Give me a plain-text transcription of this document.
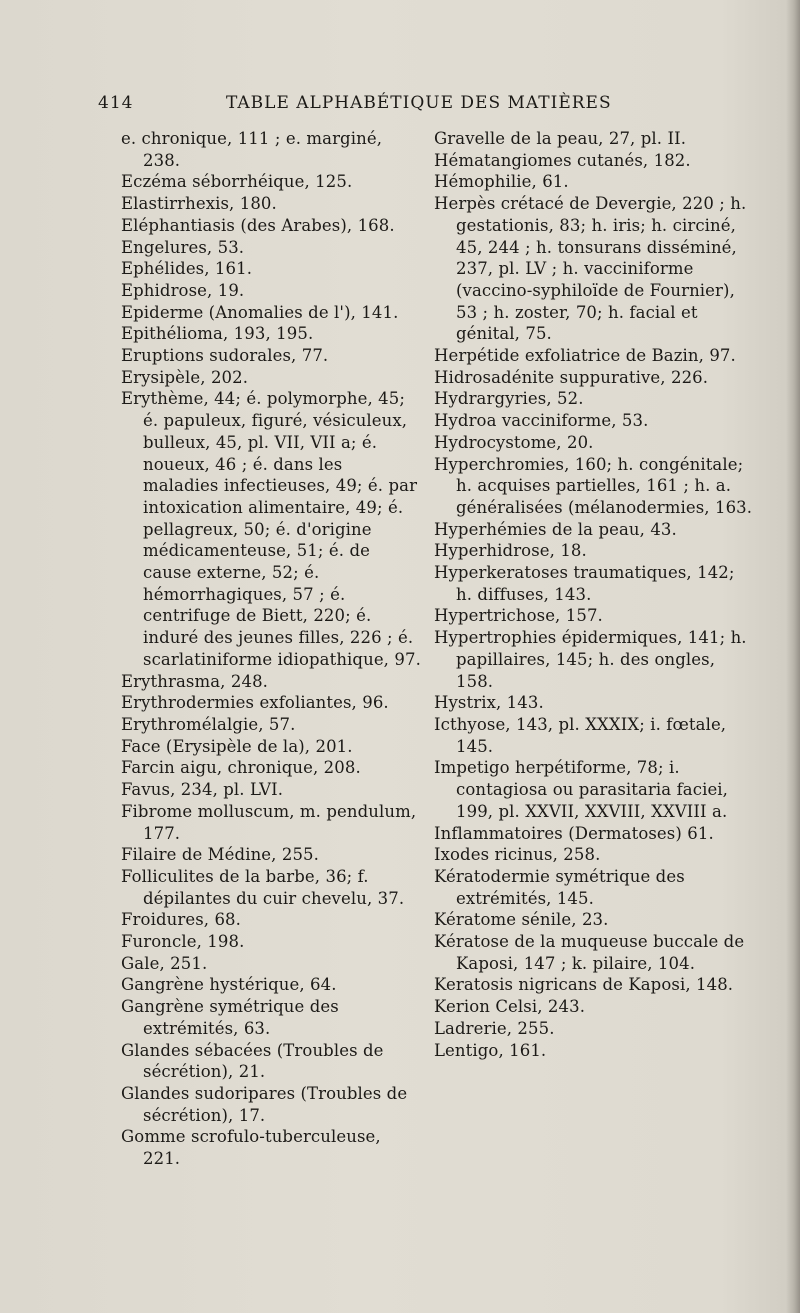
414	TABLE ALPHABÉTIQUE DES MATIÈRES
e. chronique, 111 ; e. marginé, 238.
Eczéma séborrhéique, 125.
Elastirrhexis, 180.
Eléphantiasis (des Arabes), 168.
Engelures, 53.
Ephélides, 161.
Ephidrose, 19.
Epiderme (Anomalies de l'), 141.
Epithélioma, 193, 195.
Eruptions sudorales, 77.
Erysipèle, 202.
Erythème, 44; é. polymorphe, 45; é. papuleux, figuré, vésiculeux, bulleux, 45, pl. VII, VII a; é. noueux, 46 ; é. dans les maladies infectieuses, 49; é. par intoxication alimentaire, 49; é. pellagreux, 50; é. d'origine médicamenteuse, 51; é. de cause externe, 52; é. hémorrhagiques, 57 ; é. centrifuge de Biett, 220; é. induré des jeunes filles, 226 ; é. scarlatiniforme idiopathique, 97.
Erythrasma, 248.
Erythrodermies exfoliantes, 96.
Erythromélalgie, 57.
Face (Erysipèle de la), 201.
Farcin aigu, chronique, 208.
Favus, 234, pl. LVI.
Fibrome molluscum, m. pendulum, 177.
Filaire de Médine, 255.
Folliculites de la barbe, 36; f. dépilantes du cuir chevelu, 37.
Froidures, 68.
Furoncle, 198.
Gale, 251.
Gangrène hystérique, 64.
Gangrène symétrique des extrémités, 63.
Glandes sébacées (Troubles de sécrétion), 21.
Glandes sudoripares (Troubles de sécrétion), 17.
Gomme scrofulo-tuberculeuse, 221.
Gravelle de la peau, 27, pl. II.
Hématangiomes cutanés, 182.
Hémophilie, 61.
Herpès crétacé de Devergie, 220 ; h. gestationis, 83; h. iris; h. circiné, 45, 244 ; h. tonsurans disséminé, 237, pl. LV ; h. vacciniforme (vaccino-syphiloïde de Fournier), 53 ; h. zoster, 70; h. facial et génital, 75.
Herpétide exfoliatrice de Bazin, 97.
Hidrosadénite suppurative, 226.
Hydrargyries, 52.
Hydroa vacciniforme, 53.
Hydrocystome, 20.
Hyperchromies, 160; h. congénitale; h. acquises partielles, 161 ; h. a. généralisées (mélanodermies, 163.
Hyperhémies de la peau, 43.
Hyperhidrose, 18.
Hyperkeratoses traumatiques, 142; h. diffuses, 143.
Hypertrichose, 157.
Hypertrophies épidermiques, 141; h. papillaires, 145; h. des ongles, 158.
Hystrix, 143.
Icthyose, 143, pl. XXXIX; i. fœtale, 145.
Impetigo herpétiforme, 78; i. contagiosa ou parasitaria faciei, 199, pl. XXVII, XXVIII, XXVIII a.
Inflammatoires (Dermatoses) 61.
Ixodes ricinus, 258.
Kératodermie symétrique des extrémités, 145.
Kératome sénile, 23.
Kératose de la muqueuse buccale de Kaposi, 147 ; k. pilaire, 104.
Keratosis nigricans de Kaposi, 148.
Kerion Celsi, 243.
Ladrerie, 255.
Lentigo, 161.
